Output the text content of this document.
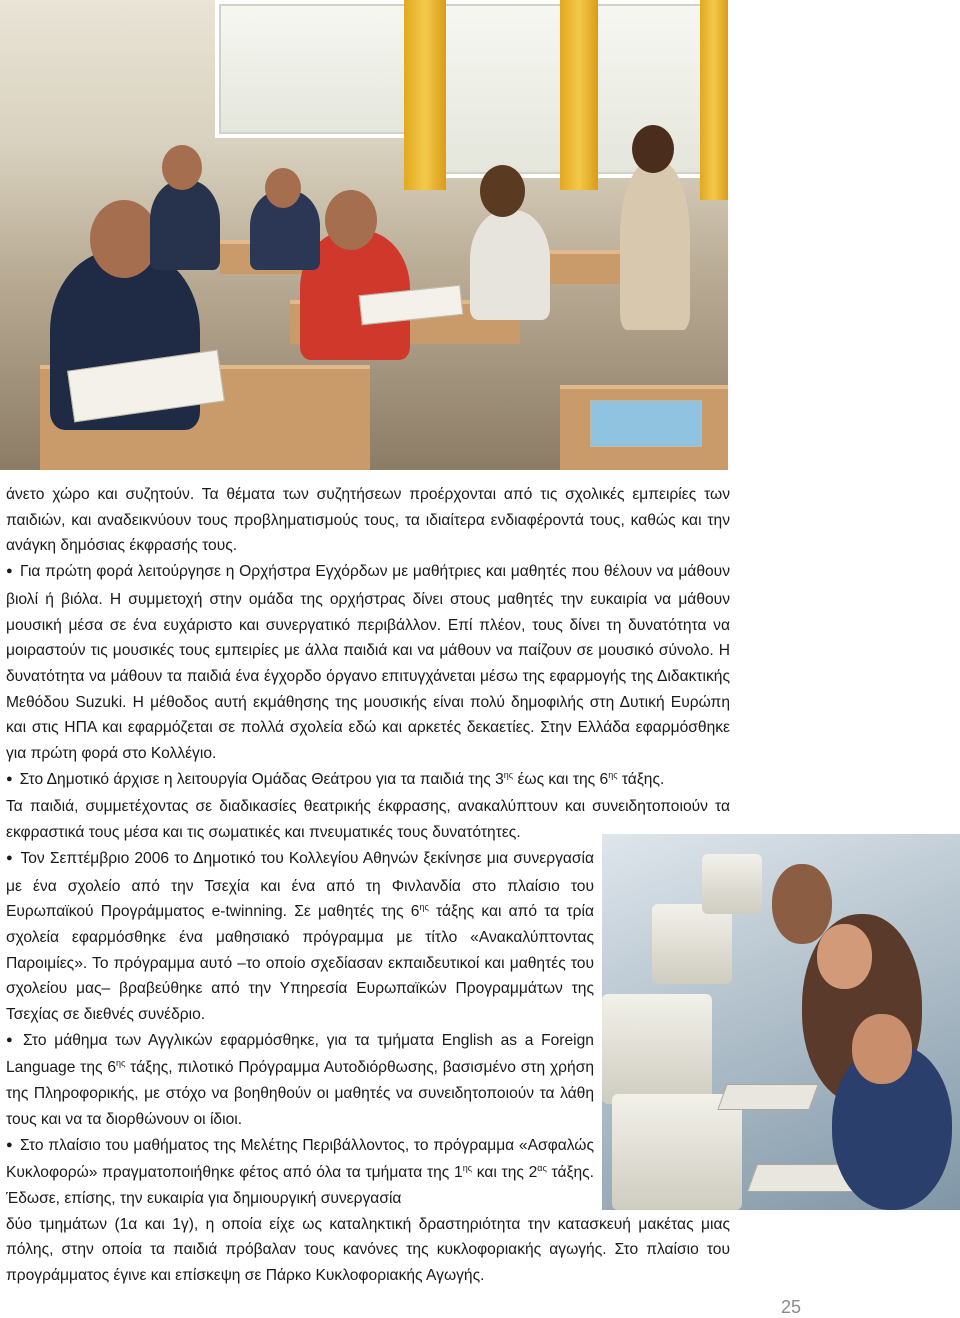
άνετο χώρο και συζητούν. Τα θέματα των συζητήσεων προέρχονται από τις σχολικές εμπειρίες των παιδιών, και αναδεικνύουν τους προβληματισμούς τους, τα ιδιαίτερα ενδιαφέροντά τους, καθώς και την ανάγκη δημόσιας έκφρασής τους.

● Για πρώτη φορά λειτούργησε η Ορχήστρα Εγχόρδων με μαθήτριες και μαθητές που θέλουν να μάθουν βιολί ή βιόλα. Η συμμετοχή στην ομάδα της ορχήστρας δίνει στους μαθητές την ευκαιρία να μάθουν μουσική μέσα σε ένα ευχάριστο και συνεργατικό περιβάλλον. Επί πλέον, τους δίνει τη δυνατότητα να μοιραστούν τις μουσικές τους εμπειρίες με άλλα παιδιά και να μάθουν να παίζουν σε μουσικό σύνολο. Η δυνατότητα να μάθουν τα παιδιά ένα έγχορδο όργανο επιτυγχάνεται μέσω της εφαρμογής της Διδακτικής Μεθόδου Suzuki. Η μέθοδος αυτή εκμάθησης της μουσικής είναι πολύ δημοφιλής στη Δυτική Ευρώπη και στις ΗΠΑ και εφαρμόζεται σε πολλά σχολεία εδώ και αρκετές δεκαετίες. Στην Ελλάδα εφαρμόσθηκε για πρώτη φορά στο Κολλέγιο.

● Στο Δημοτικό άρχισε η λειτουργία Ομάδας Θεάτρου για τα παιδιά της $3^{\eta\varsigma}$ έως και της $6^{\eta\varsigma}$ τάξης.

Τα παιδιά, συμμετέχοντας σε διαδικασίες θεατρικής έκφρασης, ανακαλύπτουν και συνειδητοποιούν τα εκφραστικά τους μέσα και τις σωματικές και πνευματικές τους δυνατότητες.

● Τον Σεπτέμβριο 2006 το Δημοτικό του Κολλεγίου Αθηνών ξεκίνησε μια συνεργασία με ένα σχολείο από την Τσεχία και ένα από τη Φινλανδία στο πλαίσιο του Ευρωπαϊκού Προγράμματος e-twinning. Σε μαθητές της $6^{\eta\varsigma}$ τάξης και από τα τρία σχολεία εφαρμόσθηκε ένα μαθησιακό πρόγραμμα με τίτλο «Ανακαλύπτοντας Παροιμίες». Το πρόγραμμα αυτό –το οποίο σχεδίασαν εκπαιδευτικοί και μαθητές του σχολείου μας– βραβεύθηκε από την Υπηρεσία Ευρωπαϊκών Προγραμμάτων της Τσεχίας σε διεθνές συνέδριο.

● Στο μάθημα των Αγγλικών εφαρμόσθηκε, για τα τμήματα English as a Foreign Language της $6^{\eta\varsigma}$ τάξης, πιλοτικό Πρόγραμμα Αυτοδιόρθωσης, βασισμένο στη χρήση της Πληροφορικής, με στόχο να βοηθηθούν οι μαθητές να συνειδητοποιούν τα λάθη τους και να τα διορθώνουν οι ίδιοι.

● Στο πλαίσιο του μαθήματος της Μελέτης Περιβάλλοντος, το πρόγραμμα «Ασφαλώς Κυκλοφορώ» πραγματοποιήθηκε φέτος από όλα τα τμήματα της $1^{\eta\varsigma}$ και της $2^{\alpha\varsigma}$ τάξης. Έδωσε, επίσης, την ευκαιρία για δημιουργική συνεργασία

δύο τμημάτων (1α και 1γ), η οποία είχε ως καταληκτική δραστηριότητα την κατασκευή μακέτας μιας πόλης, στην οποία τα παιδιά πρόβαλαν τους κανόνες της κυκλοφοριακής αγωγής. Στο πλαίσιο του προγράμματος έγινε και επίσκεψη σε Πάρκο Κυκλοφοριακής Αγωγής.

25
